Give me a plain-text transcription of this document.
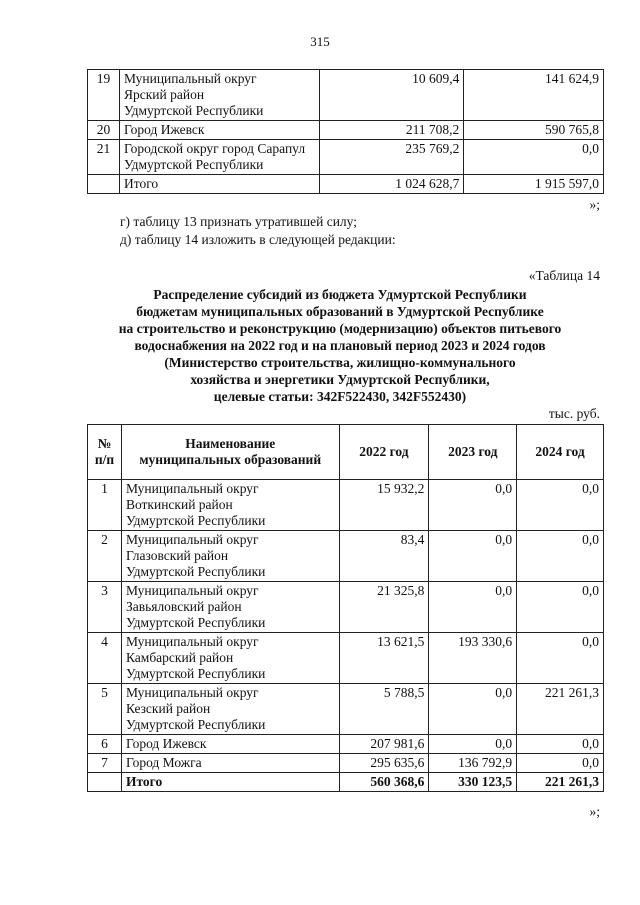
315
19	Муниципальный округ
Ярский район
Удмуртской Республики	10 609,4	141 624,9
20	Город Ижевск	211 708,2	590 765,8
21	Городской округ город Сарапул
Удмуртской Республики	235 769,2	0,0
	Итого	1 024 628,7	1 915 597,0
»;
г) таблицу 13 признать утратившей силу;
д) таблицу 14 изложить в следующей редакции:
«Таблица 14
Распределение субсидий из бюджета Удмуртской Республики
бюджетам муниципальных образований в Удмуртской Республике
на строительство и реконструкцию (модернизацию) объектов питьевого
водоснабжения на 2022 год и на плановый период 2023 и 2024 годов
(Министерство строительства, жилищно-коммунального
хозяйства и энергетики Удмуртской Республики,
целевые статьи: 342F522430, 342F552430)
тыс. руб.
№
п/п	Наименование
муниципальных образований	2022 год	2023 год	2024 год
1	Муниципальный округ
Воткинский район
Удмуртской Республики	15 932,2	0,0	0,0
2	Муниципальный округ
Глазовский район
Удмуртской Республики	83,4	0,0	0,0
3	Муниципальный округ
Завьяловский район
Удмуртской Республики	21 325,8	0,0	0,0
4	Муниципальный округ
Камбарский район
Удмуртской Республики	13 621,5	193 330,6	0,0
5	Муниципальный округ
Кезский район
Удмуртской Республики	5 788,5	0,0	221 261,3
6	Город Ижевск	207 981,6	0,0	0,0
7	Город Можга	295 635,6	136 792,9	0,0
	Итого	560 368,6	330 123,5	221 261,3
»;
